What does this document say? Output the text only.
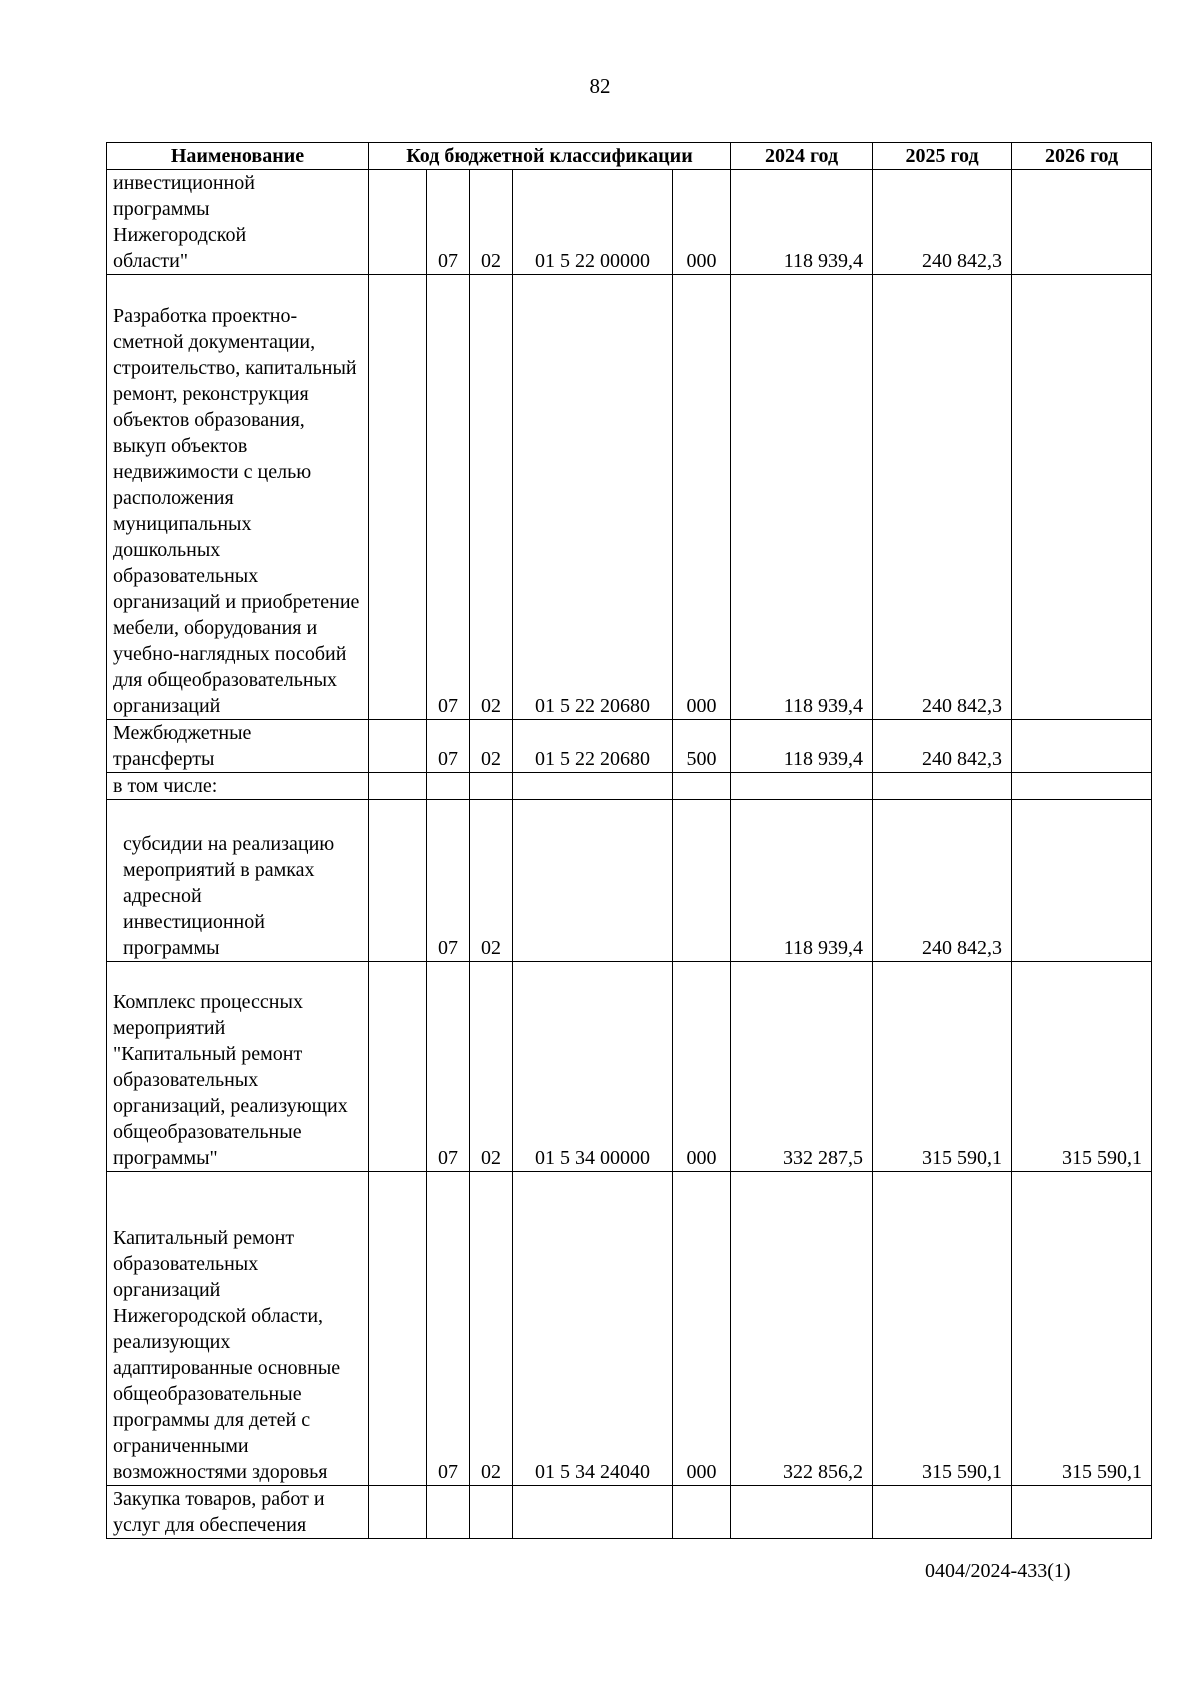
82
Наименование	Код бюджетной классификации					2024 год	2025 год	2026 год
инвестиционной программы Нижегородской области"		07	02	01 5 22 00000	000	118 939,4	240 842,3	
Разработка проектно-сметной документации, строительство, капитальный ремонт, реконструкция объектов образования, выкуп объектов недвижимости с целью расположения муниципальных дошкольных образовательных организаций и приобретение мебели, оборудования и учебно-наглядных пособий для общеобразовательных организаций		07	02	01 5 22 20680	000	118 939,4	240 842,3	
Межбюджетные трансферты		07	02	01 5 22 20680	500	118 939,4	240 842,3	
в том числе:								
субсидии на реализацию мероприятий в рамках адресной инвестиционной программы		07	02			118 939,4	240 842,3	
Комплекс процессных мероприятий "Капитальный ремонт образовательных организаций, реализующих общеобразовательные программы"		07	02	01 5 34 00000	000	332 287,5	315 590,1	315 590,1
Капитальный ремонт образовательных организаций Нижегородской области, реализующих адаптированные основные общеобразовательные программы для детей с ограниченными возможностями здоровья		07	02	01 5 34 24040	000	322 856,2	315 590,1	315 590,1
Закупка товаров, работ и услуг для обеспечения								
0404/2024-433(1)
